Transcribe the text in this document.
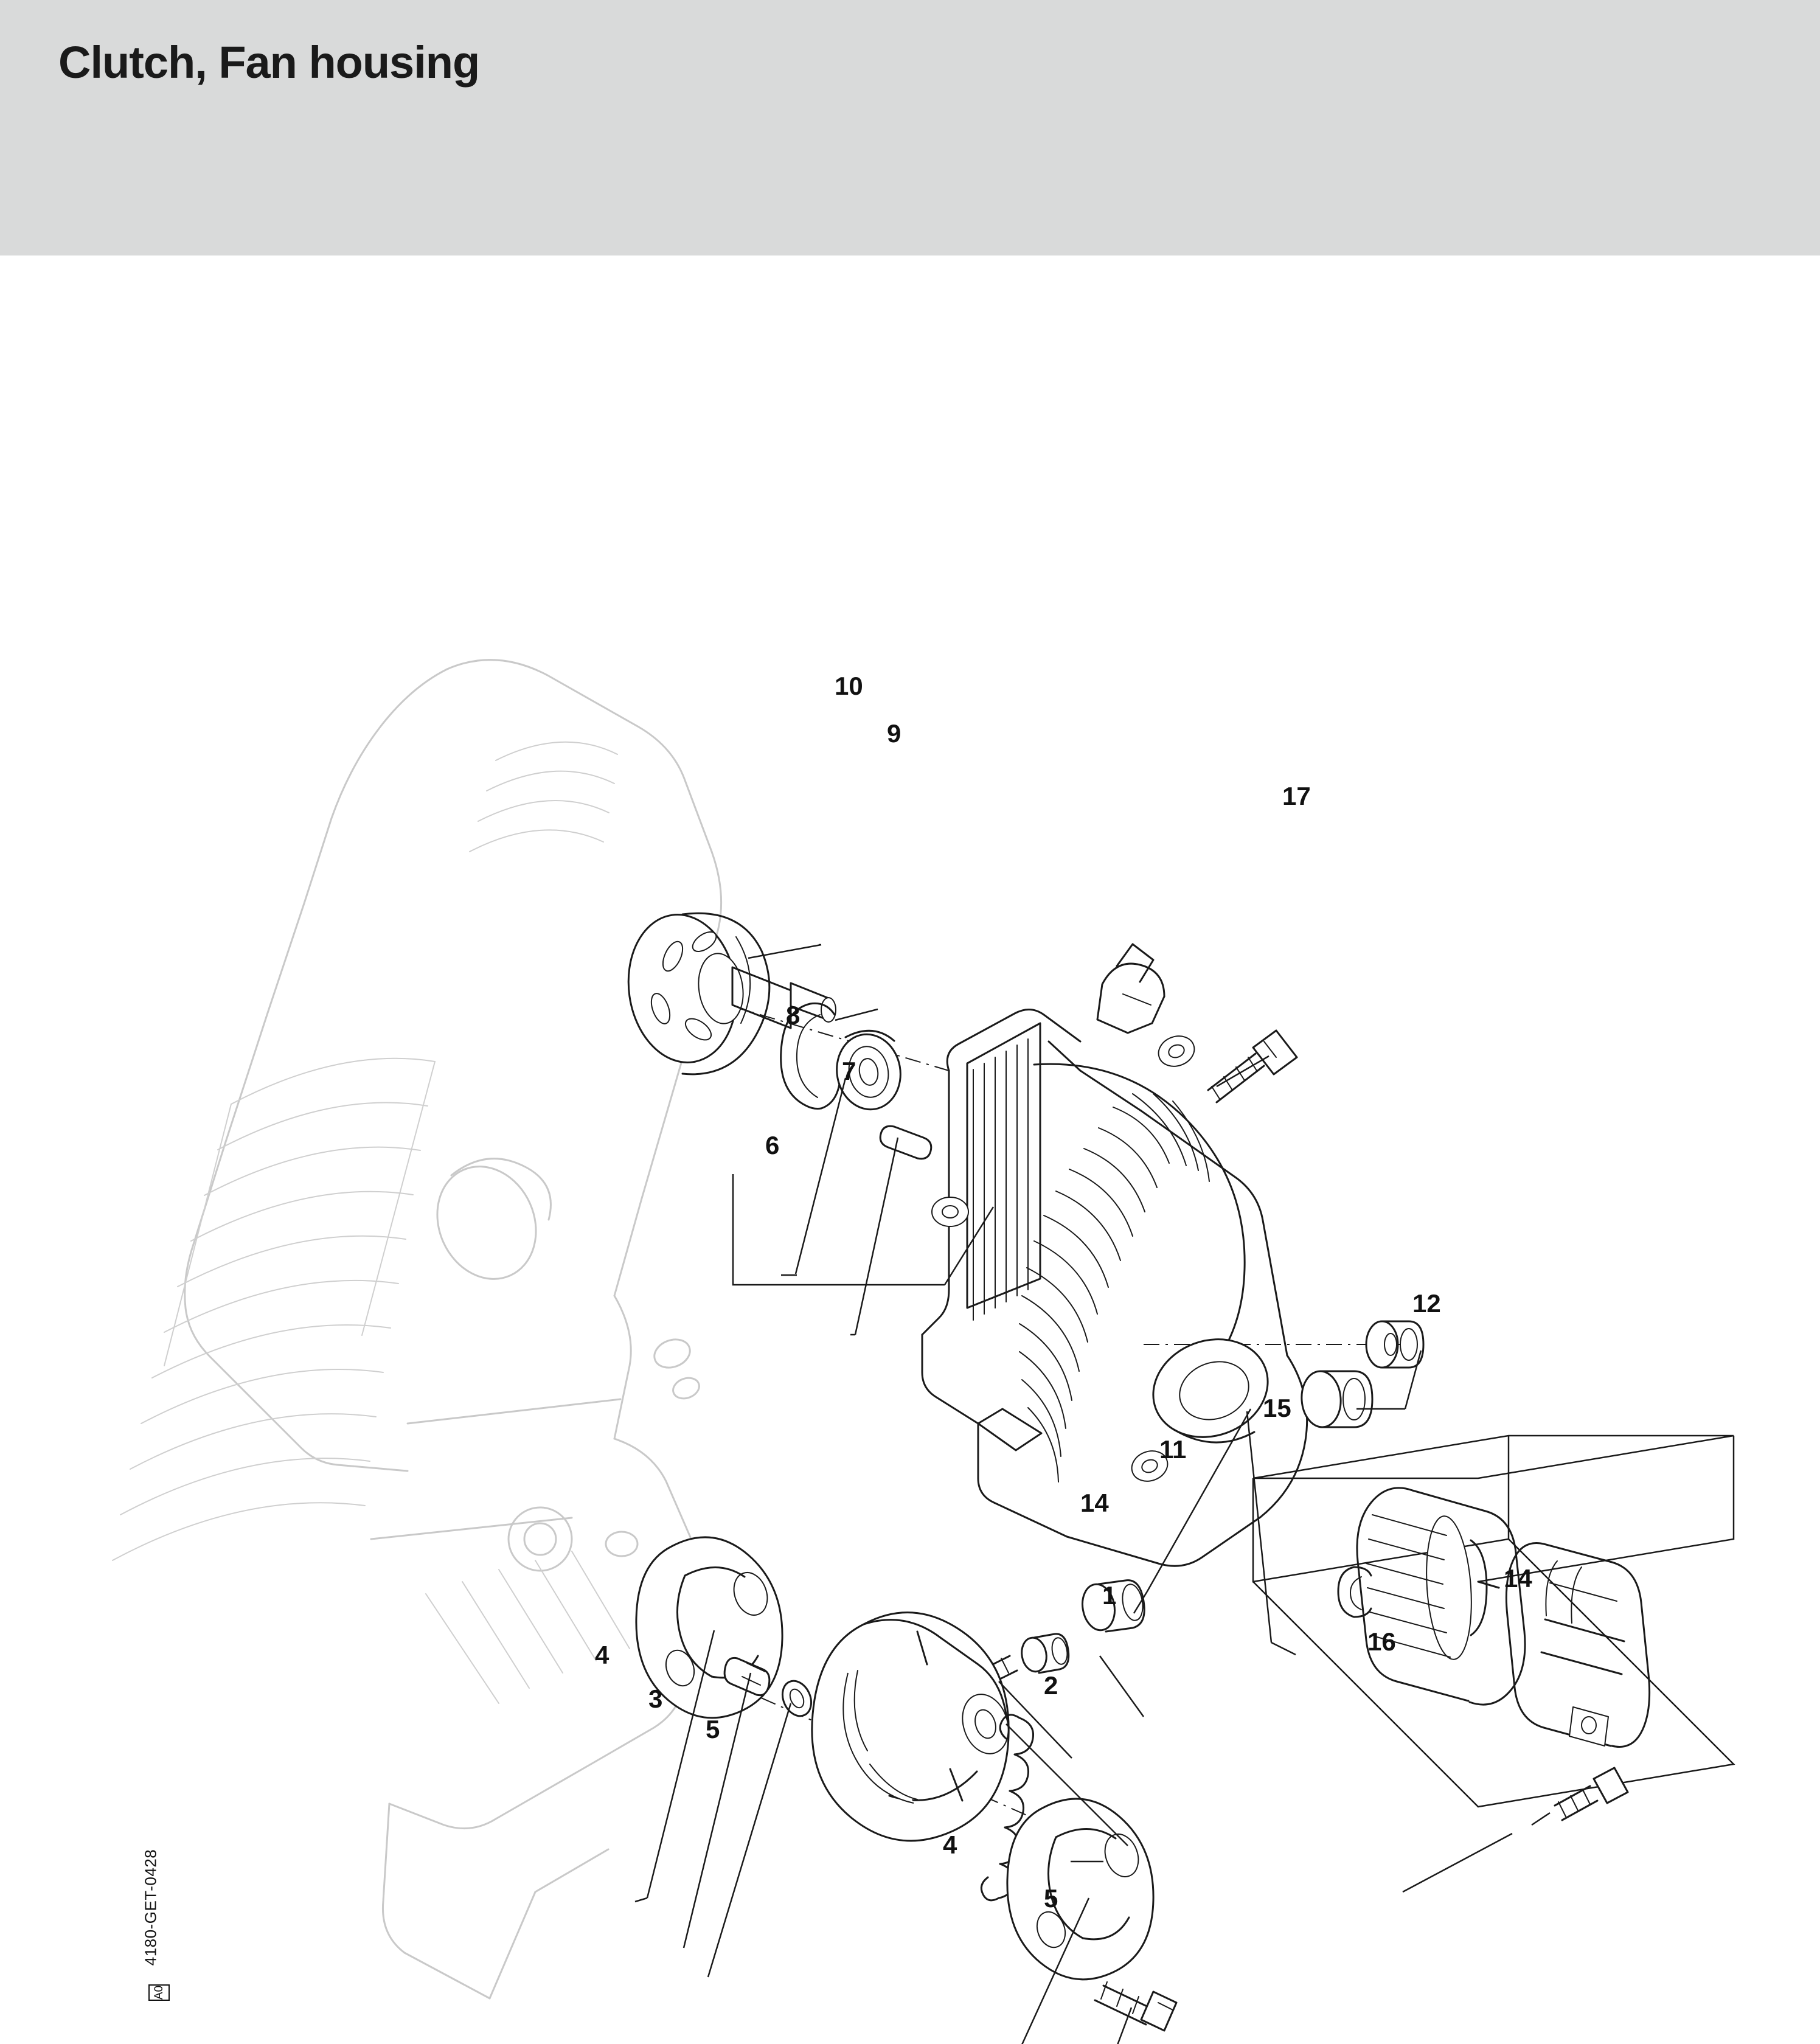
Clutch, Fan housing
10
9
8
7
6
17
12
15
11
14
14
16
1
2
4
3
5
4
5
4180-GET-0428
A0
